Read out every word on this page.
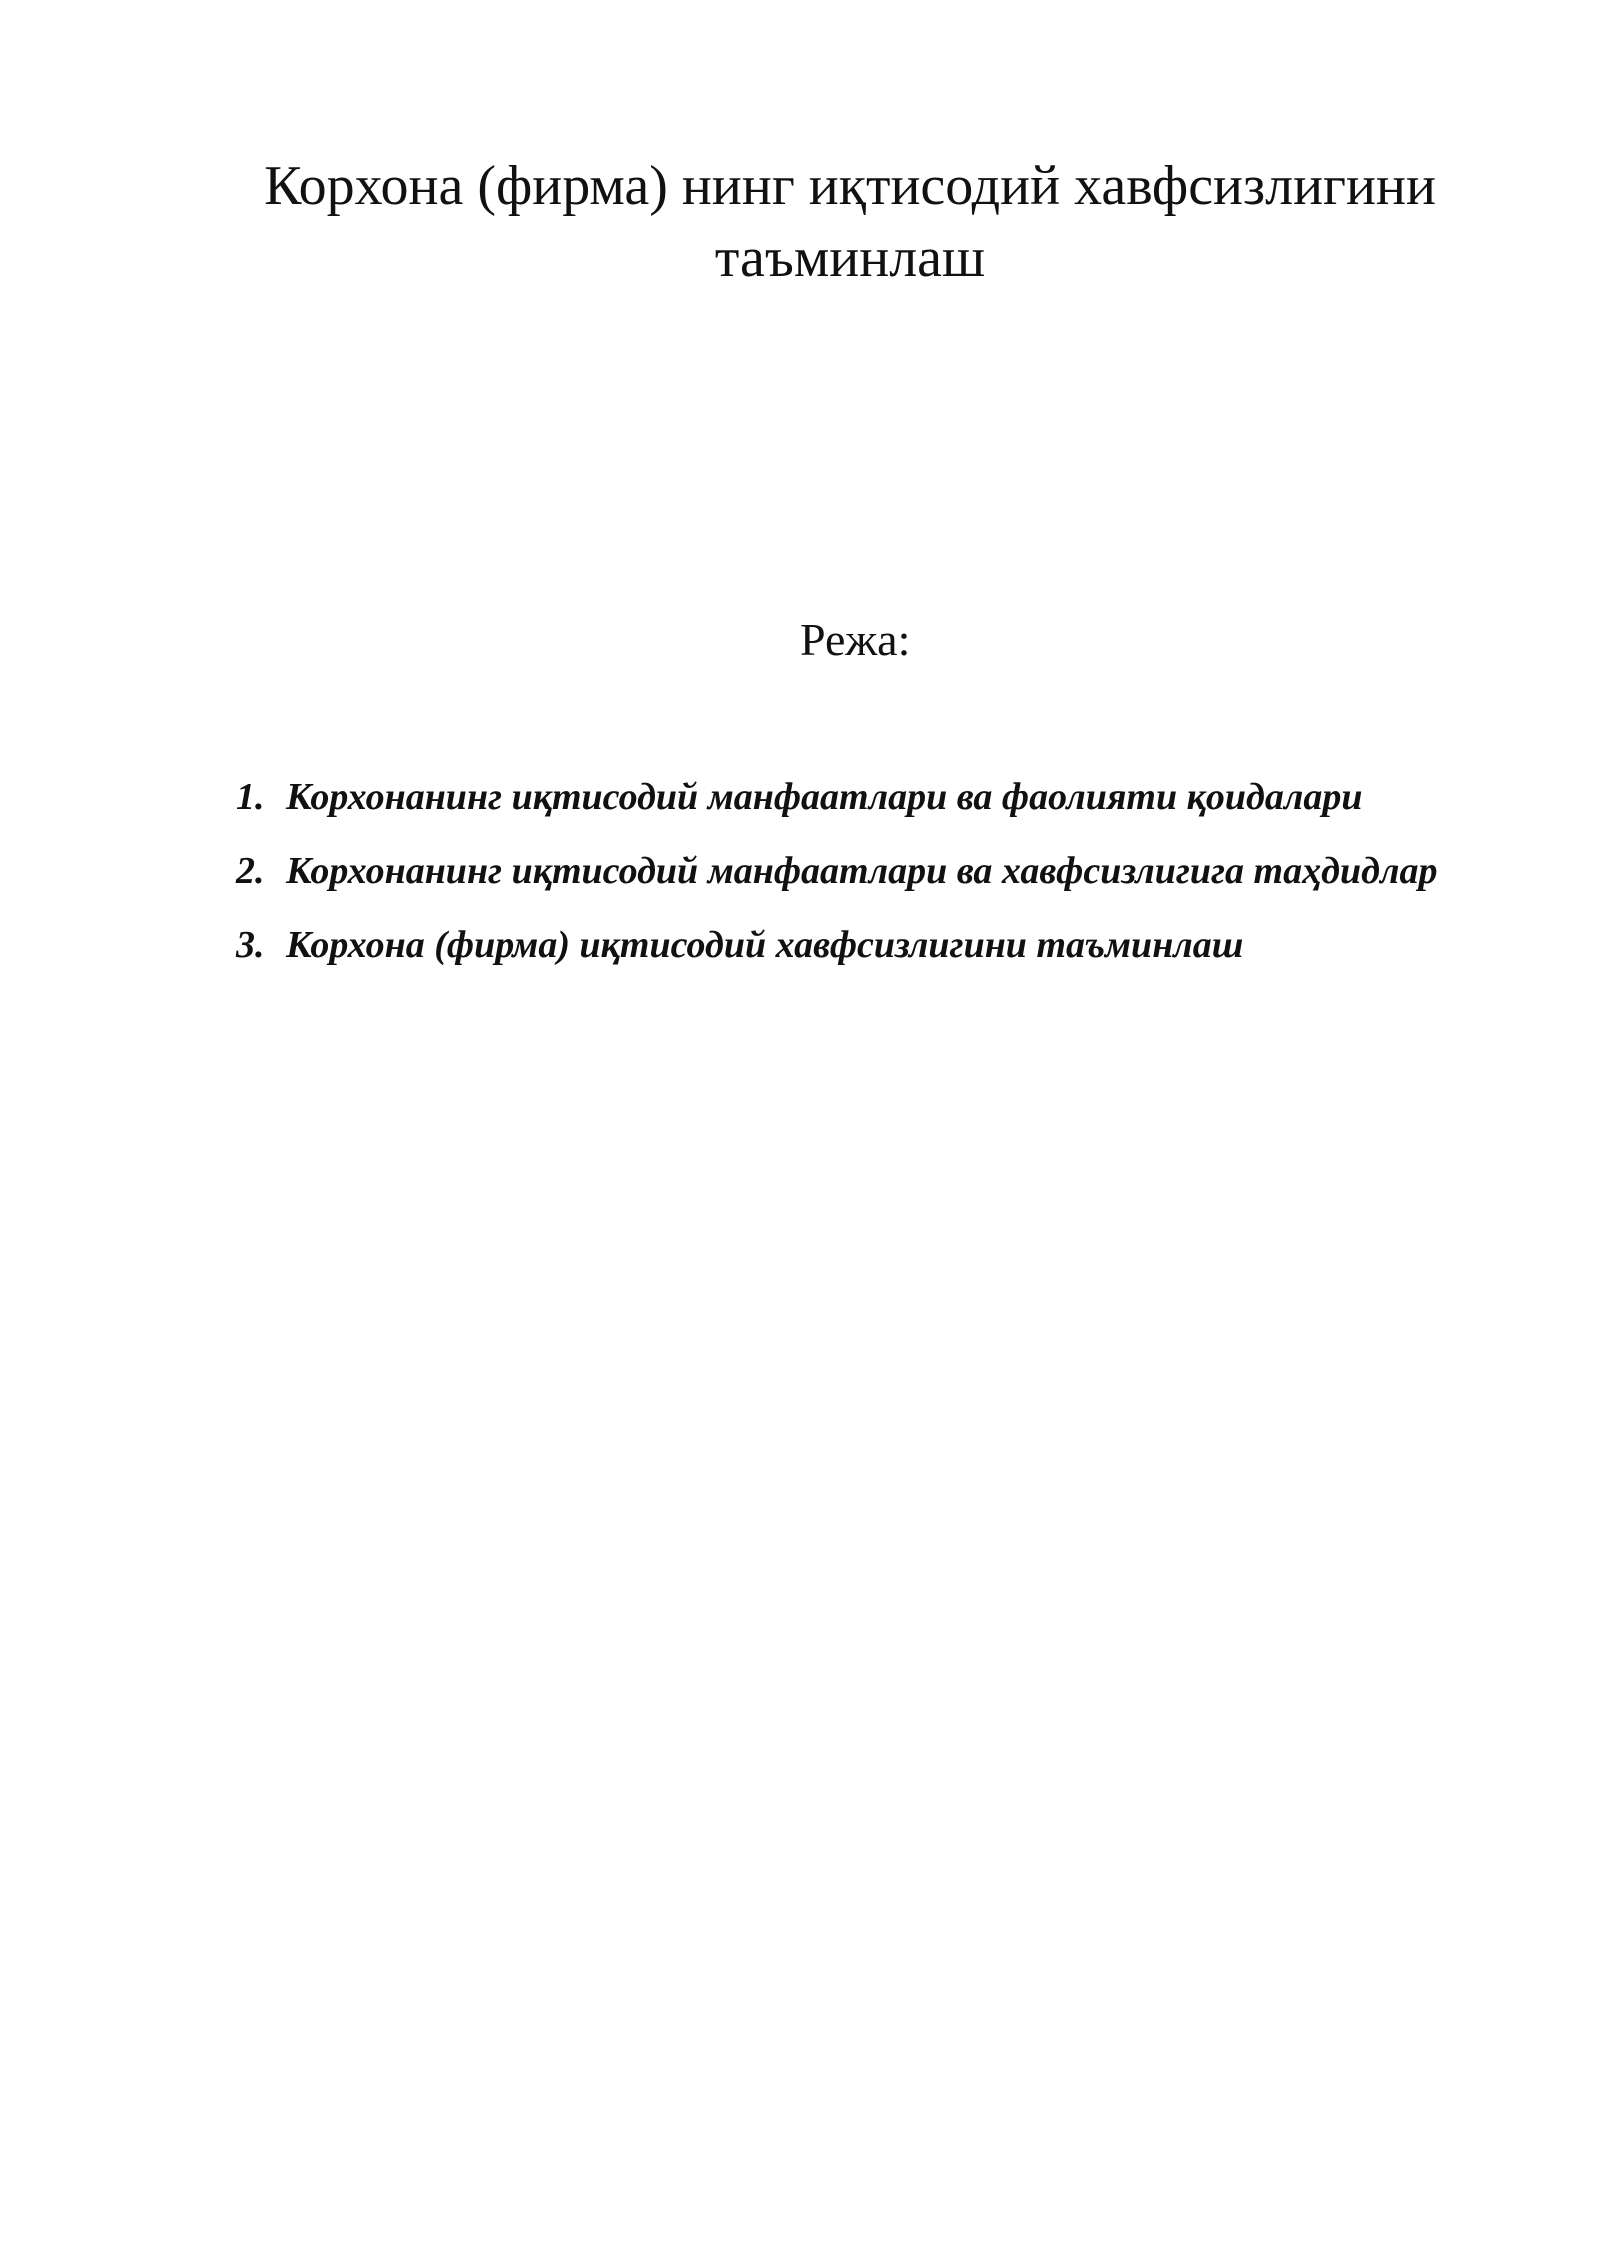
Корхона (фирма) нинг иқтисодий хавфсизлигини таъминлаш

Режа:

1. Корхонанинг иқтисодий манфаатлари ва фаолияти қоидалари
2. Корхонанинг иқтисодий манфаатлари ва хавфсизлигига таҳдидлар
3. Корхона (фирма) иқтисодий хавфсизлигини таъминлаш
